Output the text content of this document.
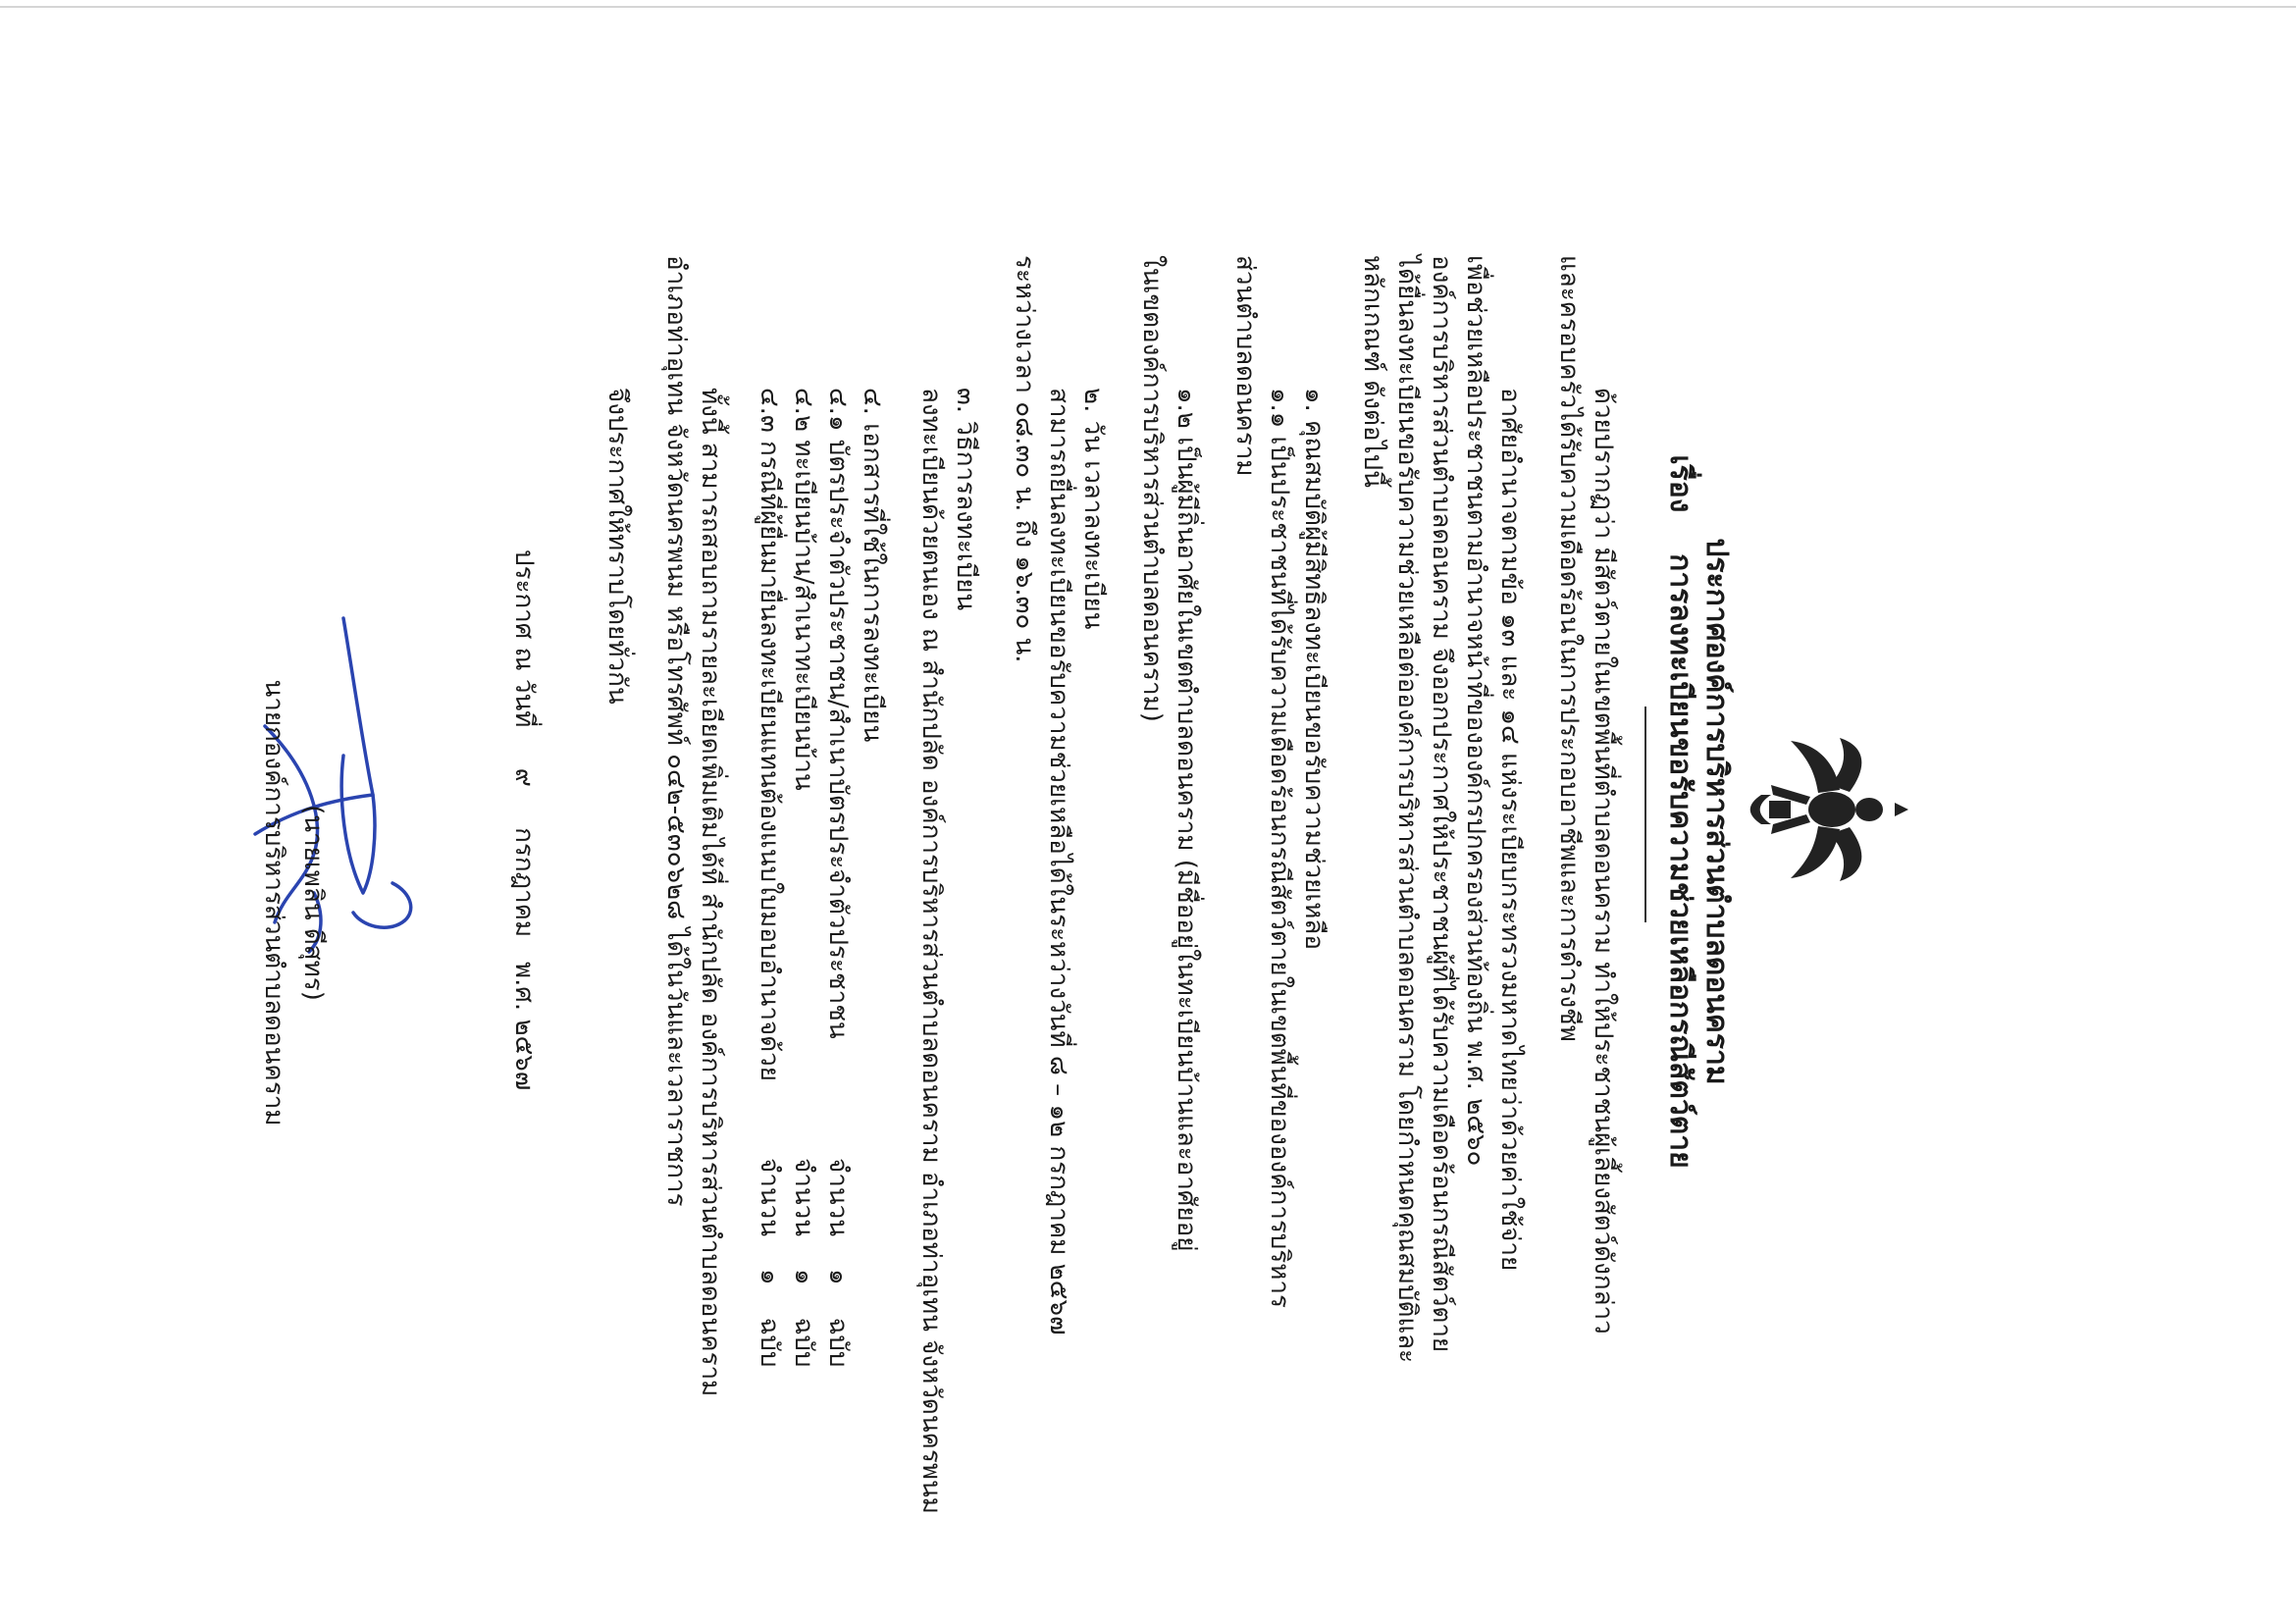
ประกาศองค์การบริหารส่วนตำบลดอนคราม
เรื่อง    การลงทะเบียนขอรับความช่วยเหลือกรณีสัตว์ตาย
ด้วยปรากฏว่า มีสัตว์ตายในเขตพื้นที่ตำบลดอนคราม ทำให้ประชาชนผู้เลี้ยงสัตว์ดังกล่าว
และครอบครัวได้รับความเดือดร้อนในการประกอบอาชีพและการดำรงชีพ
อาศัยอำนาจตามข้อ ๑๓ และ ๑๔ แห่งระเบียบกระทรวงมหาดไทยว่าด้วยค่าใช้จ่าย
เพื่อช่วยเหลือประชาชนตามอำนาจหน้าที่ขององค์กรปกครองส่วนท้องถิ่น พ.ศ. ๒๕๖๐
องค์การบริหารส่วนตำบลดอนคราม จึงออกประกาศให้ประชาชนผู้ที่ได้รับความเดือดร้อนกรณีสัตว์ตาย
ได้ยื่นลงทะเบียนขอรับความช่วยเหลือต่อองค์การบริหารส่วนตำบลดอนคราม โดยกำหนดคุณสมบัติและ
หลักเกณฑ์ ดังต่อไปนี้
๑. คุณสมบัติผู้มีสิทธิลงทะเบียนขอรับความช่วยเหลือ
๑.๑ เป็นประชาชนที่ได้รับความเดือดร้อนกรณีสัตว์ตายในเขตพื้นที่ขององค์การบริหาร
ส่วนตำบลดอนคราม
๑.๒ เป็นผู้มีถิ่นอาศัยในเขตตำบลดอนคราม (มีชื่ออยู่ในทะเบียนบ้านและอาศัยอยู่
ในเขตองค์การบริหารส่วนตำบลดอนคราม)
๒. วัน เวลาลงทะเบียน
สามารถยื่นลงทะเบียนขอรับความช่วยเหลือได้ในระหว่างวันที่ ๘ – ๑๒ กรกฎาคม ๒๕๖๗
ระหว่างเวลา ๐๘.๓๐ น. ถึง ๑๖.๓๐ น.
๓. วิธีการลงทะเบียน
ลงทะเบียนด้วยตนเอง ณ สำนักปลัด องค์การบริหารส่วนตำบลดอนคราม อำเภอท่าอุเทน จังหวัดนครพนม
๔. เอกสารที่ใช้ในการลงทะเบียน
๔.๑ บัตรประจำตัวประชาชน/สำเนาบัตรประจำตัวประชาชน
จำนวน    ๑    ฉบับ
๔.๒ ทะเบียนบ้าน/สำเนาทะเบียนบ้าน
จำนวน    ๑    ฉบับ
๔.๓ กรณีที่ผู้ยื่นมายื่นลงทะเบียนแทนต้องแนบใบมอบอำนาจด้วย
จำนวน    ๑    ฉบับ
ทั้งนี้ สามารถสอบถามรายละเอียดเพิ่มเติมได้ที่ สำนักปลัด องค์การบริหารส่วนตำบลดอนคราม
อำเภอท่าอุเทน จังหวัดนครพนม หรือโทรศัพท์ ๐๔๒-๕๓๐๖๒๘ ได้ในวันและเวลาราชการ
จึงประกาศให้ทราบโดยทั่วกัน
ประกาศ ณ วันที่     ๙     กรกฎาคม   พ.ศ. ๒๕๖๗
(นายเพลิน ดีสุทร)
นายกองค์การบริหารส่วนตำบลดอนคราม
